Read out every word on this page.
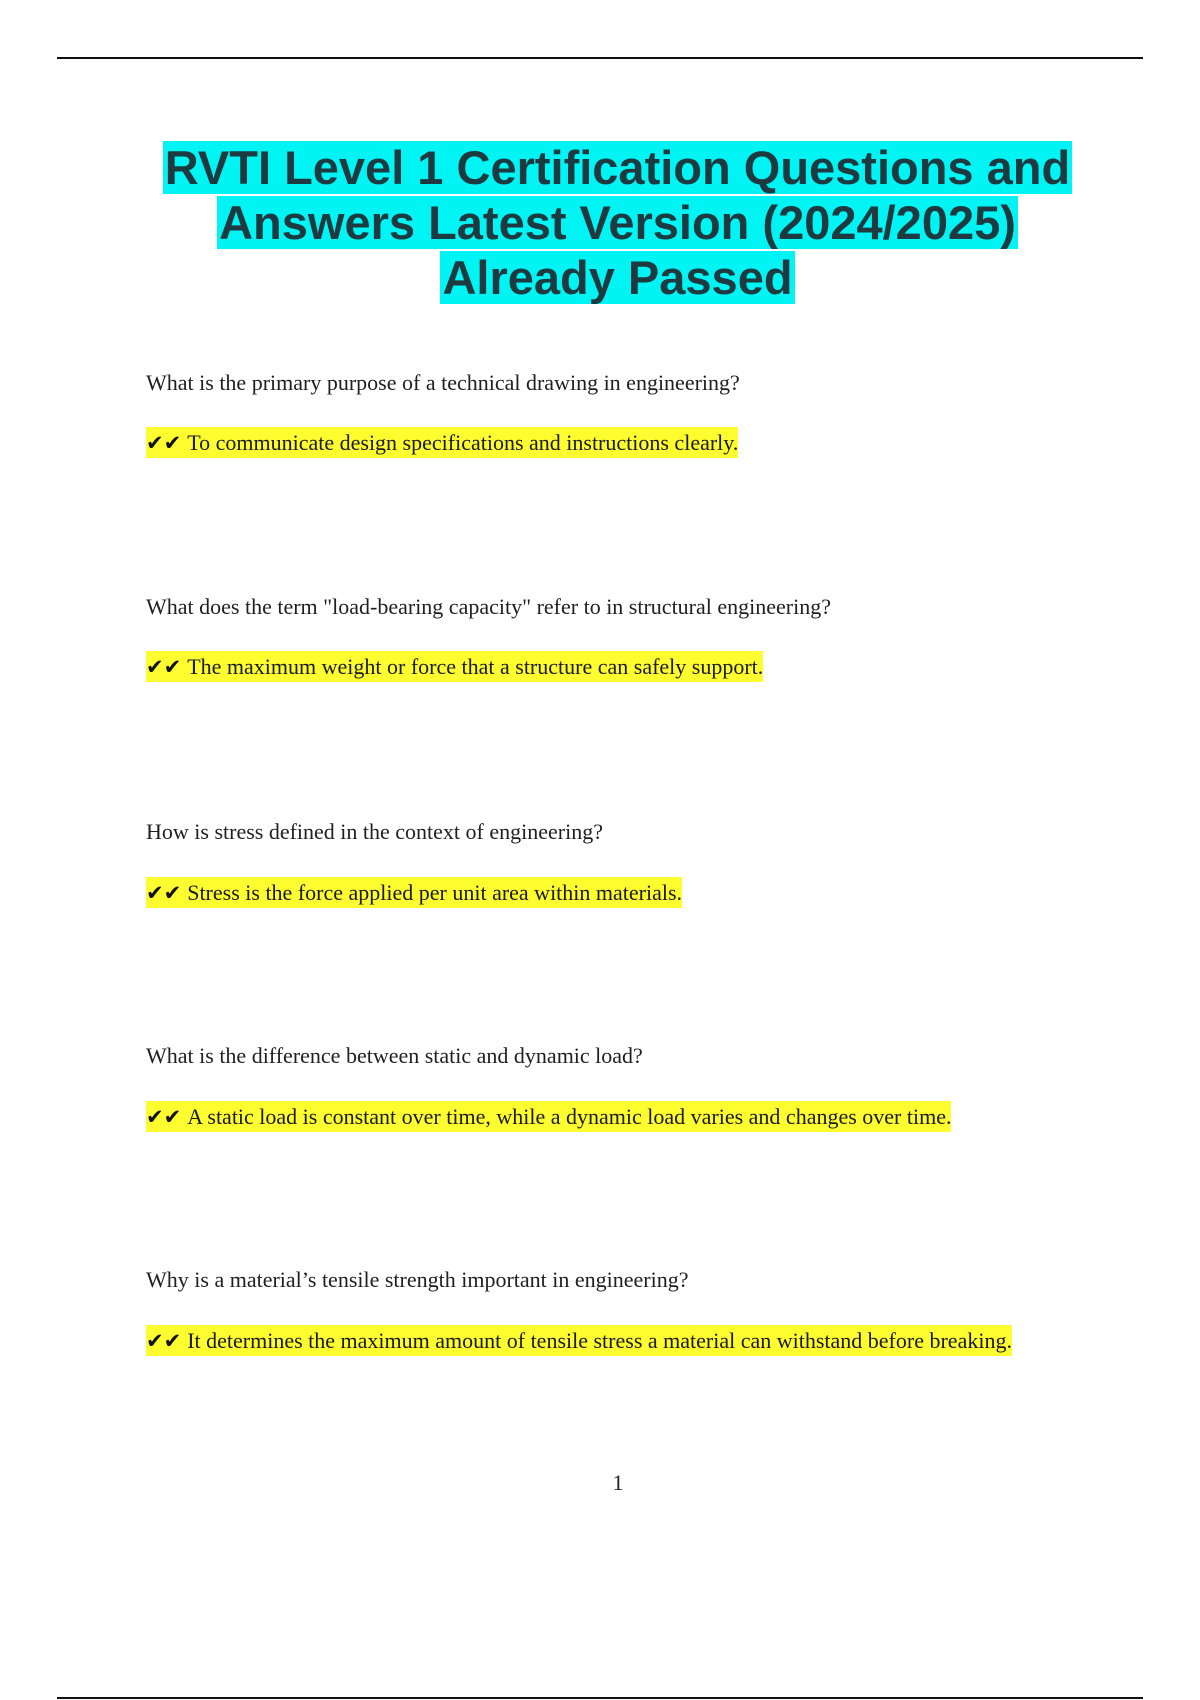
RVTI Level 1 Certification Questions and
Answers Latest Version (2024/2025)
Already Passed

What is the primary purpose of a technical drawing in engineering?

✔✔ To communicate design specifications and instructions clearly.

What does the term "load-bearing capacity" refer to in structural engineering?

✔✔ The maximum weight or force that a structure can safely support.

How is stress defined in the context of engineering?

✔✔ Stress is the force applied per unit area within materials.

What is the difference between static and dynamic load?

✔✔ A static load is constant over time, while a dynamic load varies and changes over time.

Why is a material’s tensile strength important in engineering?

✔✔ It determines the maximum amount of tensile stress a material can withstand before breaking.

1
